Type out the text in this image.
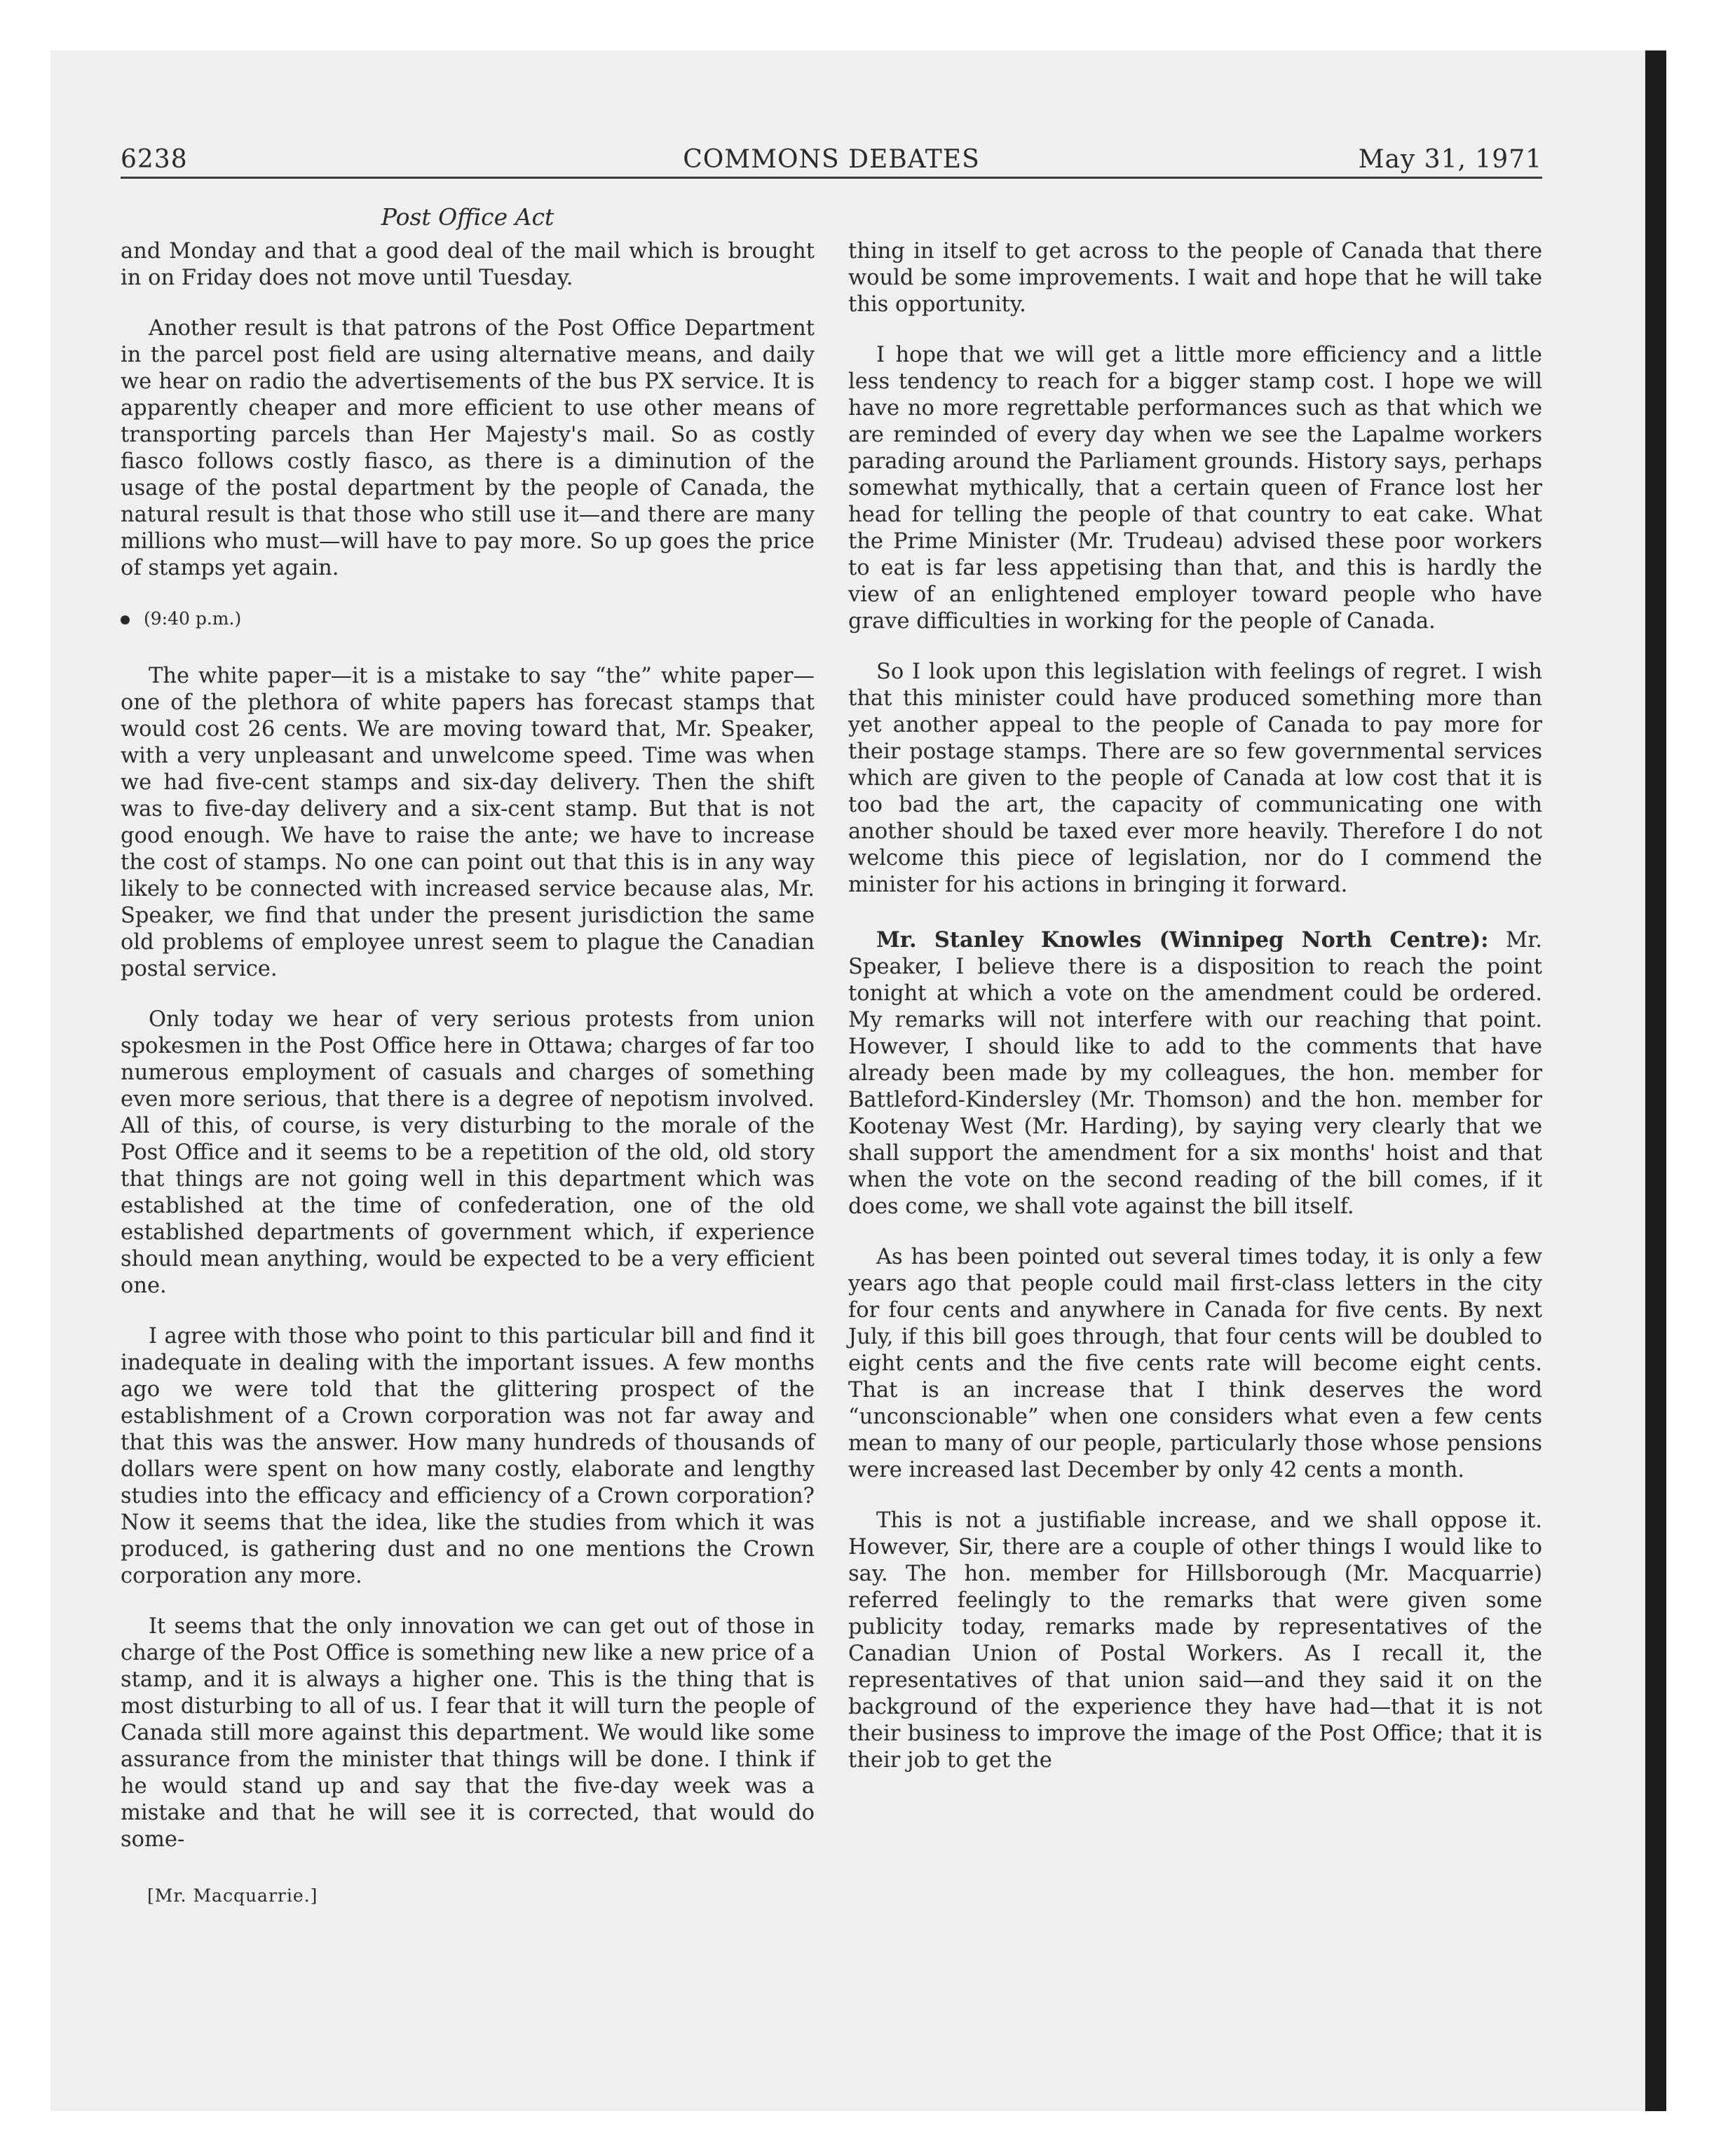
6238	COMMONS DEBATES	May 31, 1971
Post Office Act

and Monday and that a good deal of the mail which is brought in on Friday does not move until Tuesday.

Another result is that patrons of the Post Office Department in the parcel post field are using alternative means, and daily we hear on radio the advertisements of the bus PX service. It is apparently cheaper and more efficient to use other means of transporting parcels than Her Majesty's mail. So as costly fiasco follows costly fiasco, as there is a diminution of the usage of the postal department by the people of Canada, the natural result is that those who still use it—and there are many millions who must—will have to pay more. So up goes the price of stamps yet again.

(9:40 p.m.)

The white paper—it is a mistake to say “the” white paper—one of the plethora of white papers has forecast stamps that would cost 26 cents. We are moving toward that, Mr. Speaker, with a very unpleasant and unwelcome speed. Time was when we had five-cent stamps and six-day delivery. Then the shift was to five-day delivery and a six-cent stamp. But that is not good enough. We have to raise the ante; we have to increase the cost of stamps. No one can point out that this is in any way likely to be connected with increased service because alas, Mr. Speaker, we find that under the present jurisdiction the same old problems of employee unrest seem to plague the Canadian postal service.

Only today we hear of very serious protests from union spokesmen in the Post Office here in Ottawa; charges of far too numerous employment of casuals and charges of something even more serious, that there is a degree of nepotism involved. All of this, of course, is very disturbing to the morale of the Post Office and it seems to be a repetition of the old, old story that things are not going well in this department which was established at the time of confederation, one of the old established departments of government which, if experience should mean anything, would be expected to be a very efficient one.

I agree with those who point to this particular bill and find it inadequate in dealing with the important issues. A few months ago we were told that the glittering prospect of the establishment of a Crown corporation was not far away and that this was the answer. How many hundreds of thousands of dollars were spent on how many costly, elaborate and lengthy studies into the efficacy and efficiency of a Crown corporation? Now it seems that the idea, like the studies from which it was produced, is gathering dust and no one mentions the Crown corporation any more.

It seems that the only innovation we can get out of those in charge of the Post Office is something new like a new price of a stamp, and it is always a higher one. This is the thing that is most disturbing to all of us. I fear that it will turn the people of Canada still more against this department. We would like some assurance from the minister that things will be done. I think if he would stand up and say that the five-day week was a mistake and that he will see it is corrected, that would do some-

thing in itself to get across to the people of Canada that there would be some improvements. I wait and hope that he will take this opportunity.

I hope that we will get a little more efficiency and a little less tendency to reach for a bigger stamp cost. I hope we will have no more regrettable performances such as that which we are reminded of every day when we see the Lapalme workers parading around the Parliament grounds. History says, perhaps somewhat mythically, that a certain queen of France lost her head for telling the people of that country to eat cake. What the Prime Minister (Mr. Trudeau) advised these poor workers to eat is far less appetising than that, and this is hardly the view of an enlightened employer toward people who have grave difficulties in working for the people of Canada.

So I look upon this legislation with feelings of regret. I wish that this minister could have produced something more than yet another appeal to the people of Canada to pay more for their postage stamps. There are so few governmental services which are given to the people of Canada at low cost that it is too bad the art, the capacity of communicating one with another should be taxed ever more heavily. Therefore I do not welcome this piece of legislation, nor do I commend the minister for his actions in bringing it forward.

Mr. Stanley Knowles (Winnipeg North Centre): Mr. Speaker, I believe there is a disposition to reach the point tonight at which a vote on the amendment could be ordered. My remarks will not interfere with our reaching that point. However, I should like to add to the comments that have already been made by my colleagues, the hon. member for Battleford-Kindersley (Mr. Thomson) and the hon. member for Kootenay West (Mr. Harding), by saying very clearly that we shall support the amendment for a six months' hoist and that when the vote on the second reading of the bill comes, if it does come, we shall vote against the bill itself.

As has been pointed out several times today, it is only a few years ago that people could mail first-class letters in the city for four cents and anywhere in Canada for five cents. By next July, if this bill goes through, that four cents will be doubled to eight cents and the five cents rate will become eight cents. That is an increase that I think deserves the word “unconscionable” when one considers what even a few cents mean to many of our people, particularly those whose pensions were increased last December by only 42 cents a month.

This is not a justifiable increase, and we shall oppose it. However, Sir, there are a couple of other things I would like to say. The hon. member for Hillsborough (Mr. Macquarrie) referred feelingly to the remarks that were given some publicity today, remarks made by representatives of the Canadian Union of Postal Workers. As I recall it, the representatives of that union said—and they said it on the background of the experience they have had—that it is not their business to improve the image of the Post Office; that it is their job to get the

[Mr. Macquarrie.]
